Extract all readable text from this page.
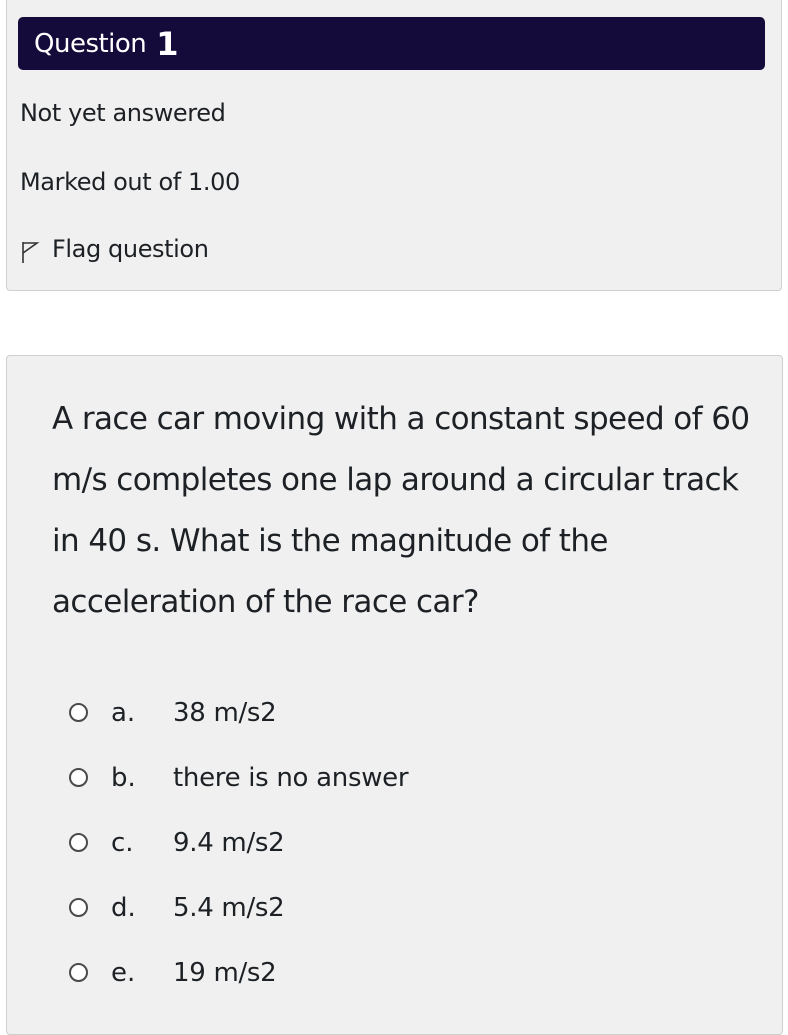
Question 1
Not yet answered
Marked out of 1.00
Flag question
A race car moving with a constant speed of 60 m/s completes one lap around a circular track in 40 s. What is the magnitude of the acceleration of the race car?
a.	38 m/s2
b.	there is no answer
c.	9.4 m/s2
d.	5.4 m/s2
e.	19 m/s2
